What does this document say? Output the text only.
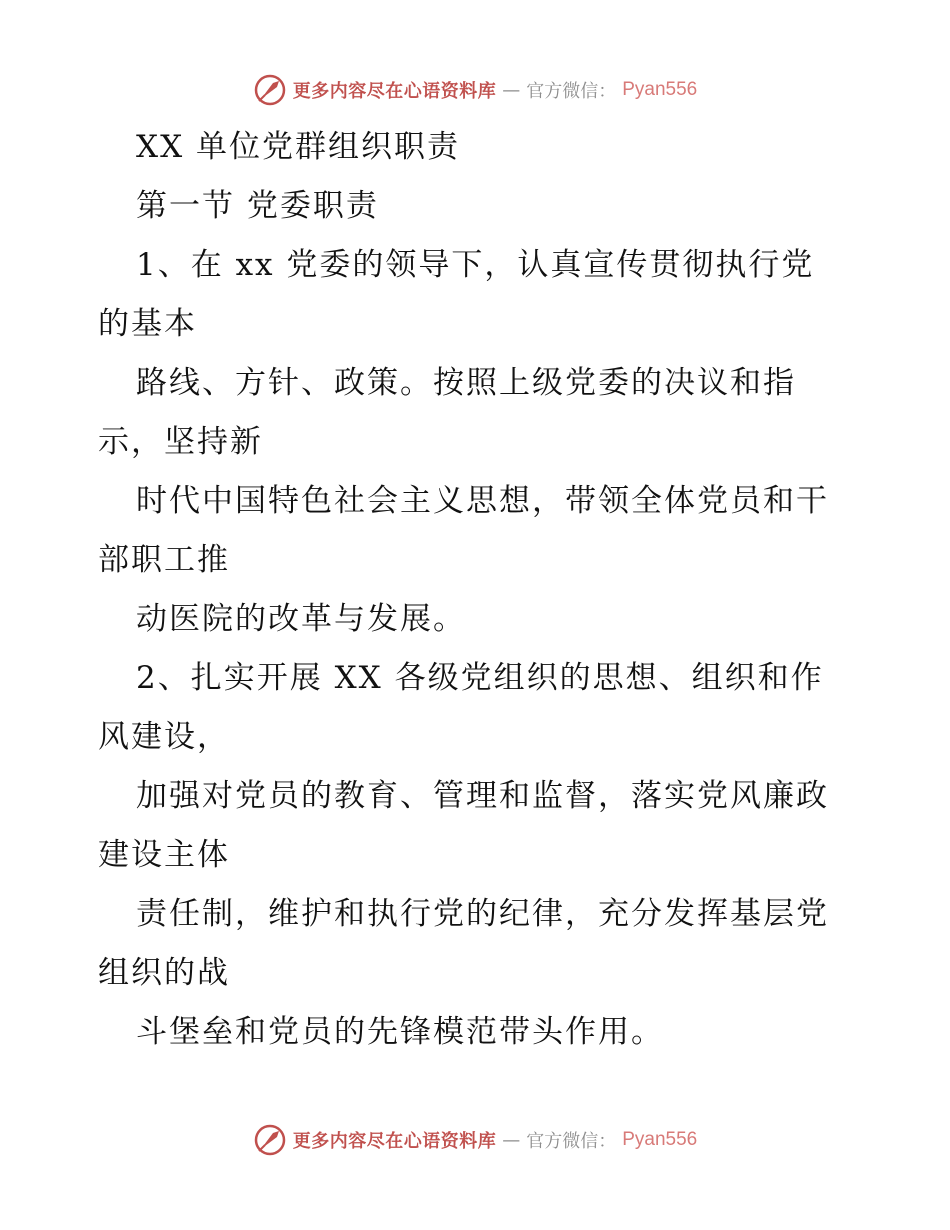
更多内容尽在心语资料库 — 官方微信： Pyan556
XX 单位党群组织职责
第一节 党委职责
1、在 xx 党委的领导下，认真宣传贯彻执行党
的基本
路线、方针、政策。按照上级党委的决议和指
示，坚持新
时代中国特色社会主义思想，带领全体党员和干
部职工推
动医院的改革与发展。
2、扎实开展 XX 各级党组织的思想、组织和作
风建设，
加强对党员的教育、管理和监督，落实党风廉政
建设主体
责任制，维护和执行党的纪律，充分发挥基层党
组织的战
斗堡垒和党员的先锋模范带头作用。
更多内容尽在心语资料库 — 官方微信： Pyan556
